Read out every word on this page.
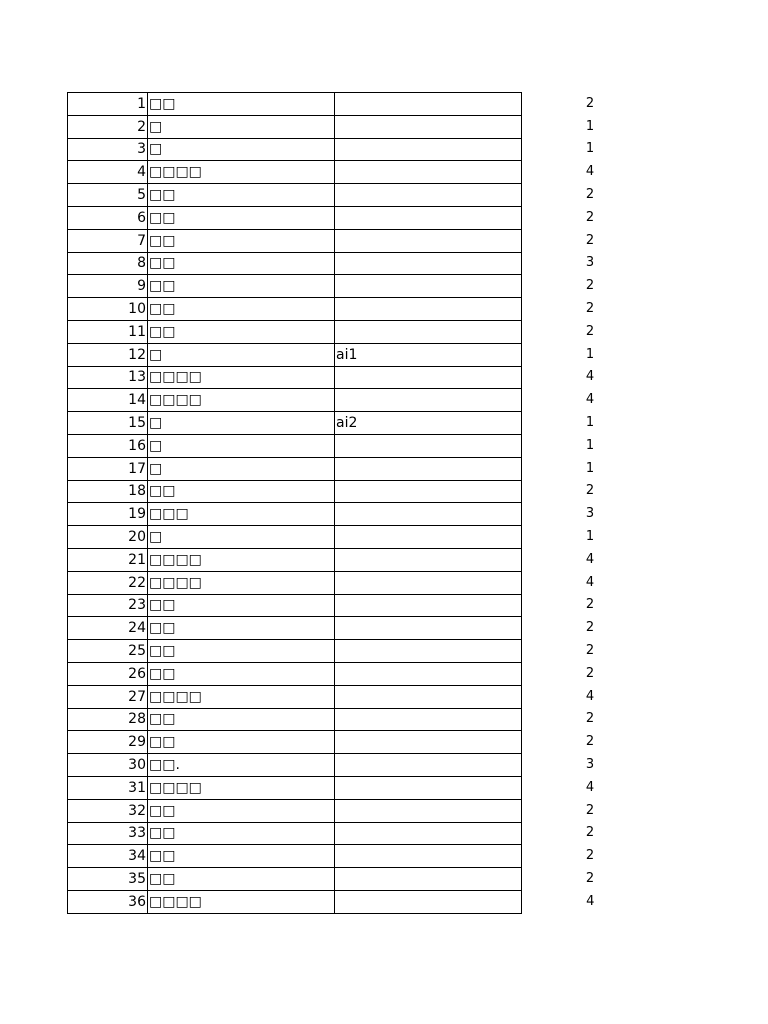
1	□□		2
2	□		1
3	□		1
4	□□□□		4
5	□□		2
6	□□		2
7	□□		2
8	□□		3
9	□□		2
10	□□		2
11	□□		2
12	□	ai1	1
13	□□□□		4
14	□□□□		4
15	□	ai2	1
16	□		1
17	□		1
18	□□		2
19	□□□		3
20	□		1
21	□□□□		4
22	□□□□		4
23	□□		2
24	□□		2
25	□□		2
26	□□		2
27	□□□□		4
28	□□		2
29	□□		2
30	□□.		3
31	□□□□		4
32	□□		2
33	□□		2
34	□□		2
35	□□		2
36	□□□□		4
